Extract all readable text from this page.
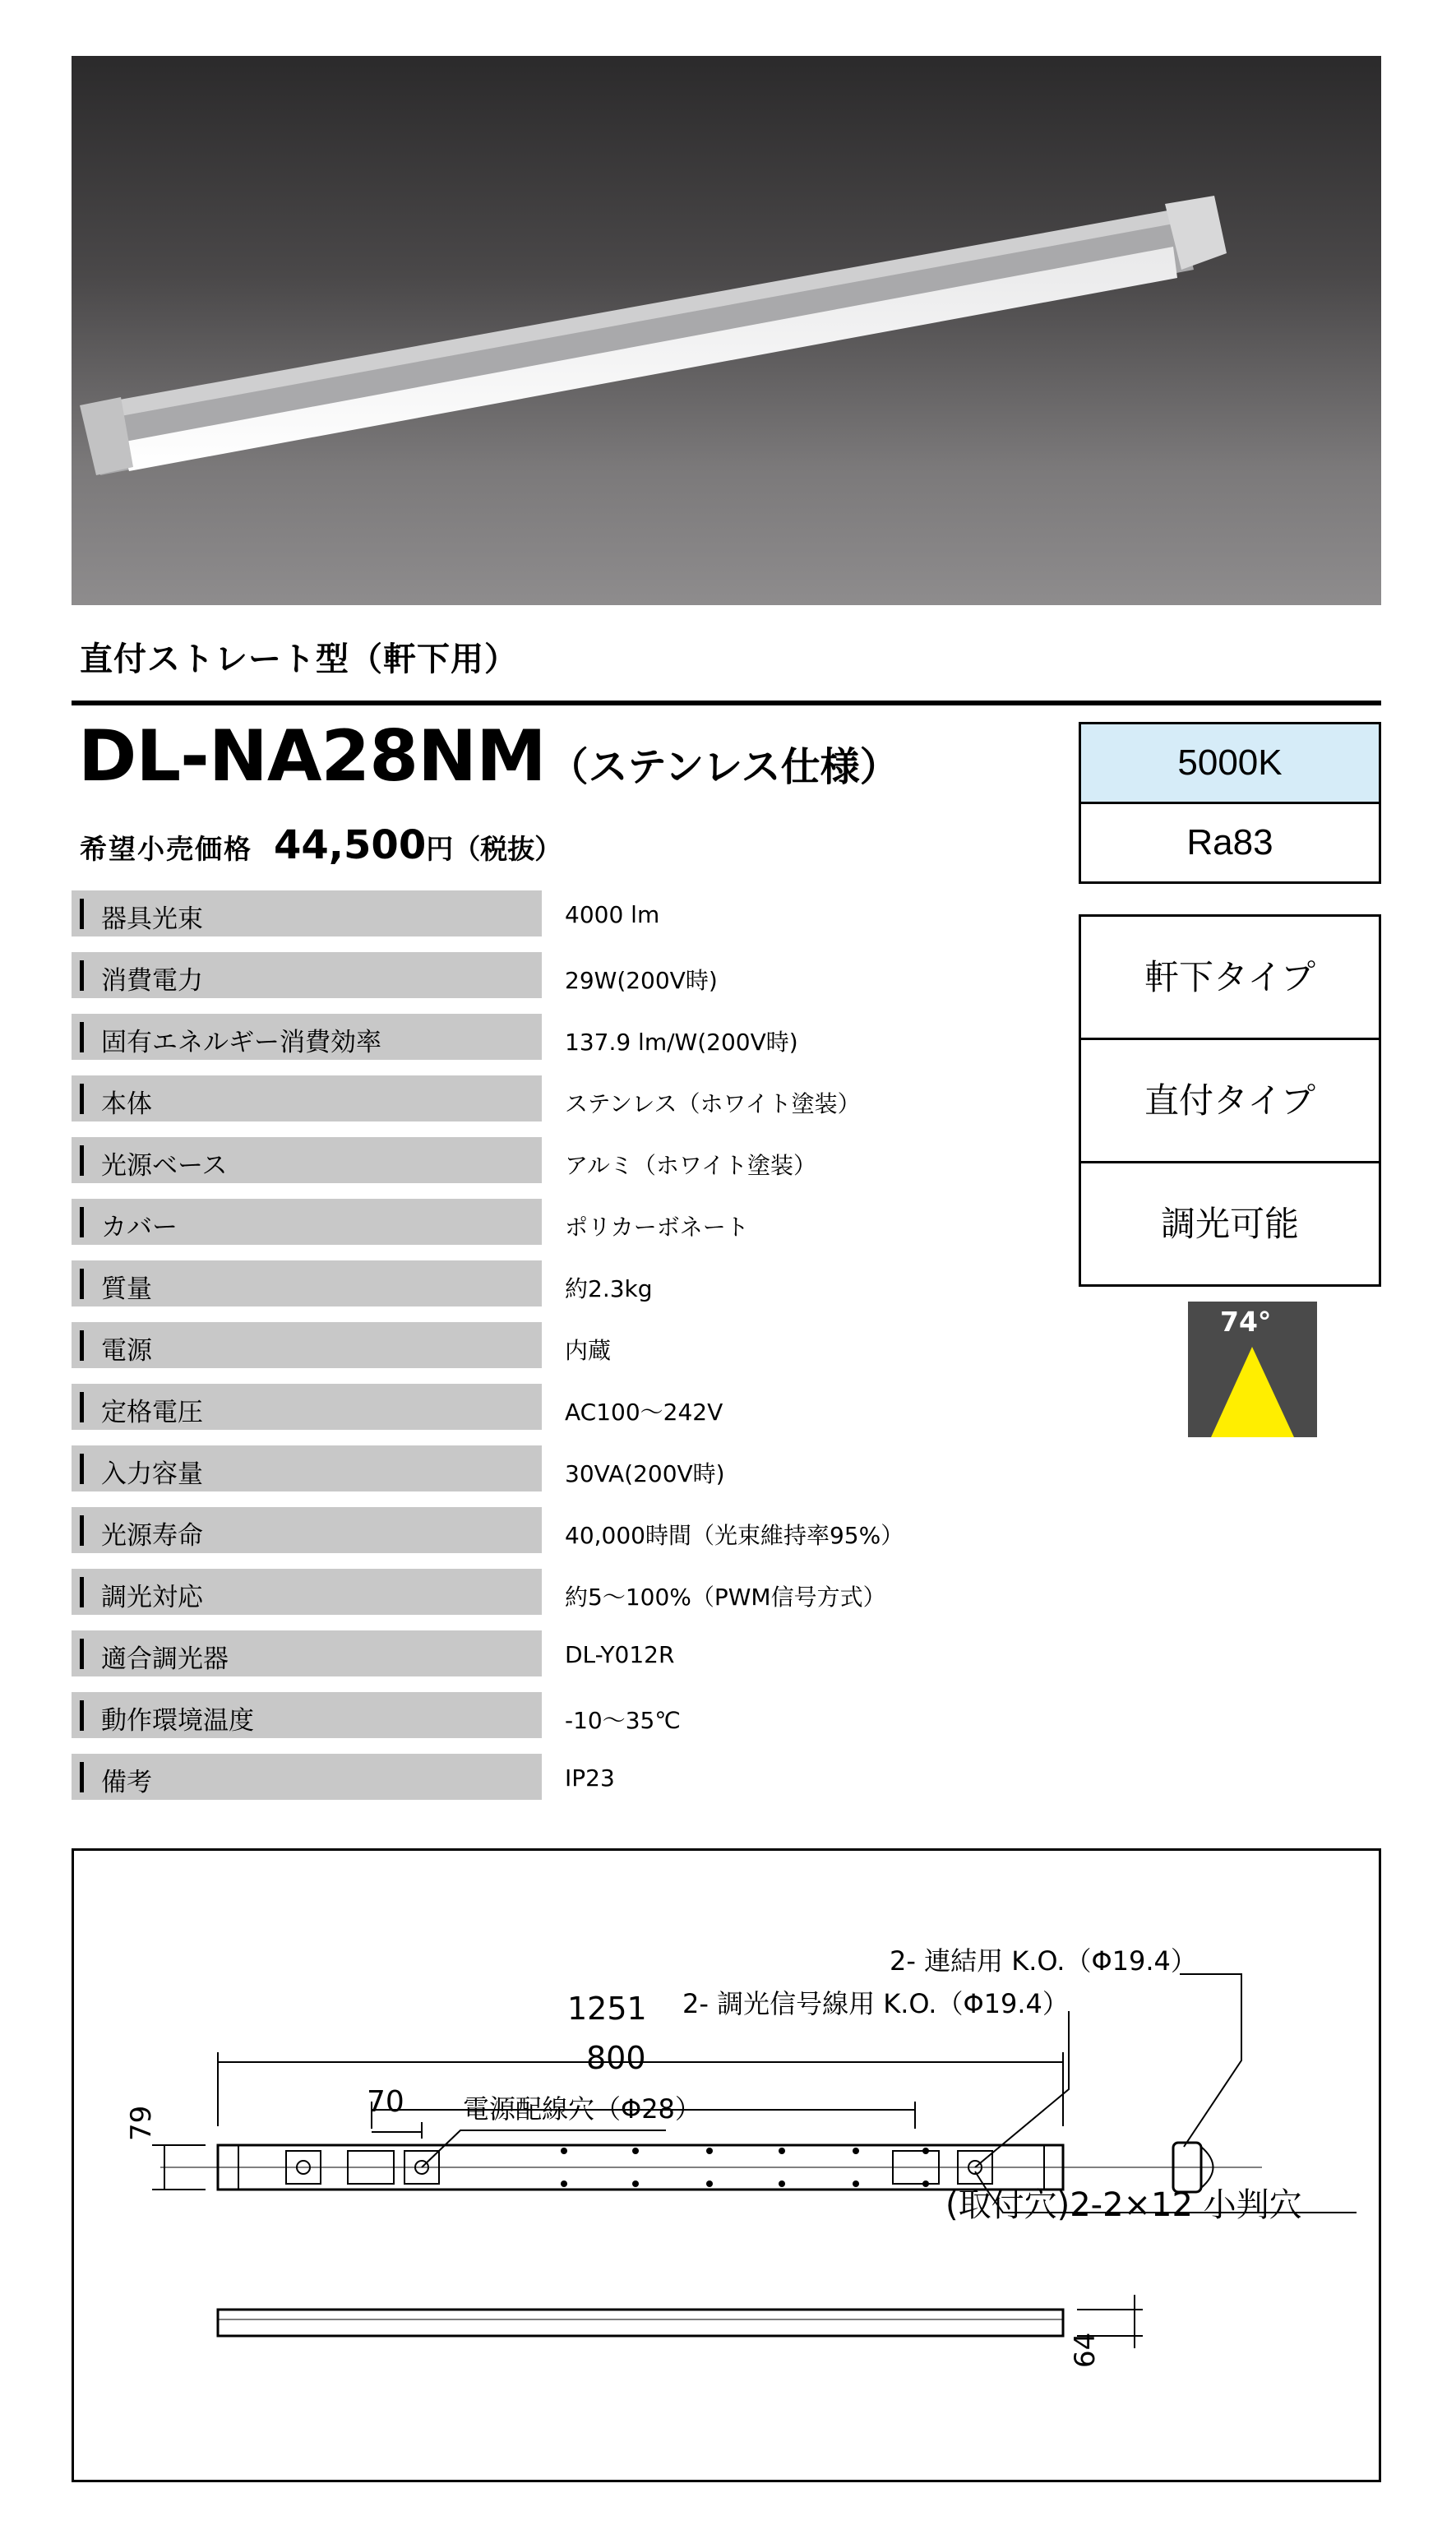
直付ストレート型（軒下用）
DL-NA28NM（ステンレス仕様）
希望小売価格 44,500円（税抜）
器具光束	4000 lm
消費電力	29W(200V時)
固有エネルギー消費効率	137.9 lm/W(200V時)
本体	ステンレス（ホワイト塗装）
光源ベース	アルミ（ホワイト塗装）
カバー	ポリカーボネート
質量	約2.3kg
電源	内蔵
定格電圧	AC100～242V
入力容量	30VA(200V時)
光源寿命	40,000時間（光束維持率95%）
調光対応	約5～100%（PWM信号方式）
適合調光器	DL-Y012R
動作環境温度	-10～35℃
備考	IP23
5000K
Ra83
軒下タイプ
直付タイプ
調光可能
74°
1251
800
70
79
64
電源配線穴（Φ28）
2- 調光信号線用 K.O.（Φ19.4）
2- 連結用 K.O.（Φ19.4）
(取付穴)2-2×12 小判穴
